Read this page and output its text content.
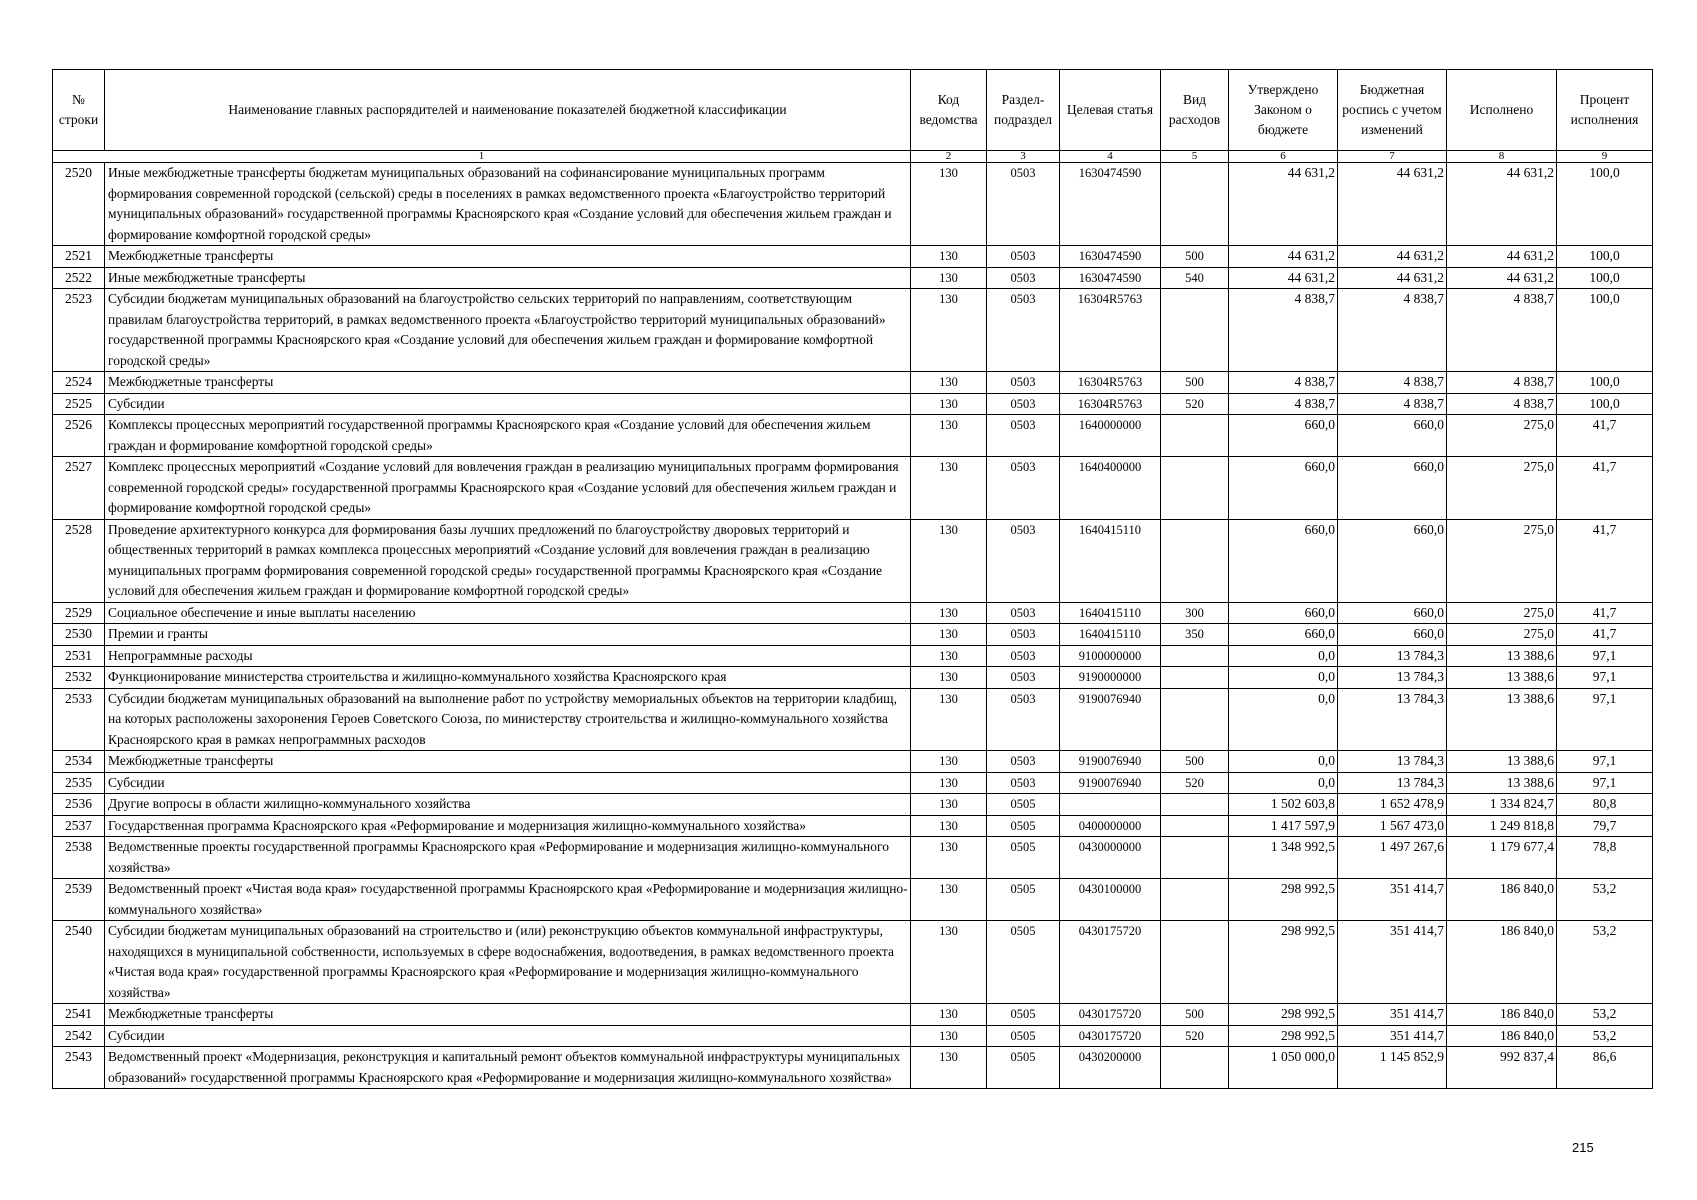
№ строки	Наименование главных распорядителей и наименование показателей бюджетной классификации	Код ведомства	Раздел-подраздел	Целевая статья	Вид расходов	Утверждено Законом о бюджете	Бюджетная роспись с учетом изменений	Исполнено	Процент исполнения
1		2	3	4	5	6	7	8	9
2520	Иные межбюджетные трансферты бюджетам муниципальных образований на софинансирование муниципальных программ формирования современной городской (сельской) среды в поселениях в рамках ведомственного проекта «Благоустройство территорий муниципальных образований» государственной программы Красноярского края «Создание условий для обеспечения жильем граждан и формирование комфортной городской среды»	130	0503	1630474590		44 631,2	44 631,2	44 631,2	100,0
2521	Межбюджетные трансферты	130	0503	1630474590	500	44 631,2	44 631,2	44 631,2	100,0
2522	Иные межбюджетные трансферты	130	0503	1630474590	540	44 631,2	44 631,2	44 631,2	100,0
2523	Субсидии бюджетам муниципальных образований на благоустройство сельских территорий по направлениям, соответствующим правилам благоустройства территорий, в рамках ведомственного проекта «Благоустройство территорий муниципальных образований» государственной программы Красноярского края «Создание условий для обеспечения жильем граждан и формирование комфортной городской среды»	130	0503	16304R5763		4 838,7	4 838,7	4 838,7	100,0
2524	Межбюджетные трансферты	130	0503	16304R5763	500	4 838,7	4 838,7	4 838,7	100,0
2525	Субсидии	130	0503	16304R5763	520	4 838,7	4 838,7	4 838,7	100,0
2526	Комплексы процессных мероприятий государственной программы Красноярского края «Создание условий для обеспечения жильем граждан и формирование комфортной городской среды»	130	0503	1640000000		660,0	660,0	275,0	41,7
2527	Комплекс процессных мероприятий «Создание условий для вовлечения граждан в реализацию муниципальных программ формирования современной городской среды» государственной программы Красноярского края «Создание условий для обеспечения жильем граждан и формирование комфортной городской среды»	130	0503	1640400000		660,0	660,0	275,0	41,7
2528	Проведение архитектурного конкурса для формирования базы лучших предложений по благоустройству дворовых территорий и общественных территорий в рамках комплекса процессных мероприятий «Создание условий для вовлечения граждан в реализацию муниципальных программ формирования современной городской среды» государственной программы Красноярского края «Создание условий для обеспечения жильем граждан и формирование комфортной городской среды»	130	0503	1640415110		660,0	660,0	275,0	41,7
2529	Социальное обеспечение и иные выплаты населению	130	0503	1640415110	300	660,0	660,0	275,0	41,7
2530	Премии и гранты	130	0503	1640415110	350	660,0	660,0	275,0	41,7
2531	Непрограммные расходы	130	0503	9100000000		0,0	13 784,3	13 388,6	97,1
2532	Функционирование министерства строительства и жилищно-коммунального хозяйства Красноярского края	130	0503	9190000000		0,0	13 784,3	13 388,6	97,1
2533	Субсидии бюджетам муниципальных образований на выполнение работ по устройству мемориальных объектов на территории кладбищ, на которых расположены захоронения Героев Советского Союза, по министерству строительства и жилищно-коммунального хозяйства Красноярского края в рамках непрограммных расходов	130	0503	9190076940		0,0	13 784,3	13 388,6	97,1
2534	Межбюджетные трансферты	130	0503	9190076940	500	0,0	13 784,3	13 388,6	97,1
2535	Субсидии	130	0503	9190076940	520	0,0	13 784,3	13 388,6	97,1
2536	Другие вопросы в области жилищно-коммунального хозяйства	130	0505			1 502 603,8	1 652 478,9	1 334 824,7	80,8
2537	Государственная программа Красноярского края «Реформирование и модернизация жилищно-коммунального хозяйства»	130	0505	0400000000		1 417 597,9	1 567 473,0	1 249 818,8	79,7
2538	Ведомственные проекты государственной программы Красноярского края «Реформирование и модернизация жилищно-коммунального хозяйства»	130	0505	0430000000		1 348 992,5	1 497 267,6	1 179 677,4	78,8
2539	Ведомственный проект «Чистая вода края» государственной программы Красноярского края «Реформирование и модернизация жилищно-коммунального хозяйства»	130	0505	0430100000		298 992,5	351 414,7	186 840,0	53,2
2540	Субсидии бюджетам муниципальных образований на строительство и (или) реконструкцию объектов коммунальной инфраструктуры, находящихся в муниципальной собственности, используемых в сфере водоснабжения, водоотведения, в рамках ведомственного проекта «Чистая вода края» государственной программы Красноярского края «Реформирование и модернизация жилищно-коммунального хозяйства»	130	0505	0430175720		298 992,5	351 414,7	186 840,0	53,2
2541	Межбюджетные трансферты	130	0505	0430175720	500	298 992,5	351 414,7	186 840,0	53,2
2542	Субсидии	130	0505	0430175720	520	298 992,5	351 414,7	186 840,0	53,2
2543	Ведомственный проект «Модернизация, реконструкция и капитальный ремонт объектов коммунальной инфраструктуры муниципальных образований» государственной программы Красноярского края «Реформирование и модернизация жилищно-коммунального хозяйства»	130	0505	0430200000		1 050 000,0	1 145 852,9	992 837,4	86,6
215
